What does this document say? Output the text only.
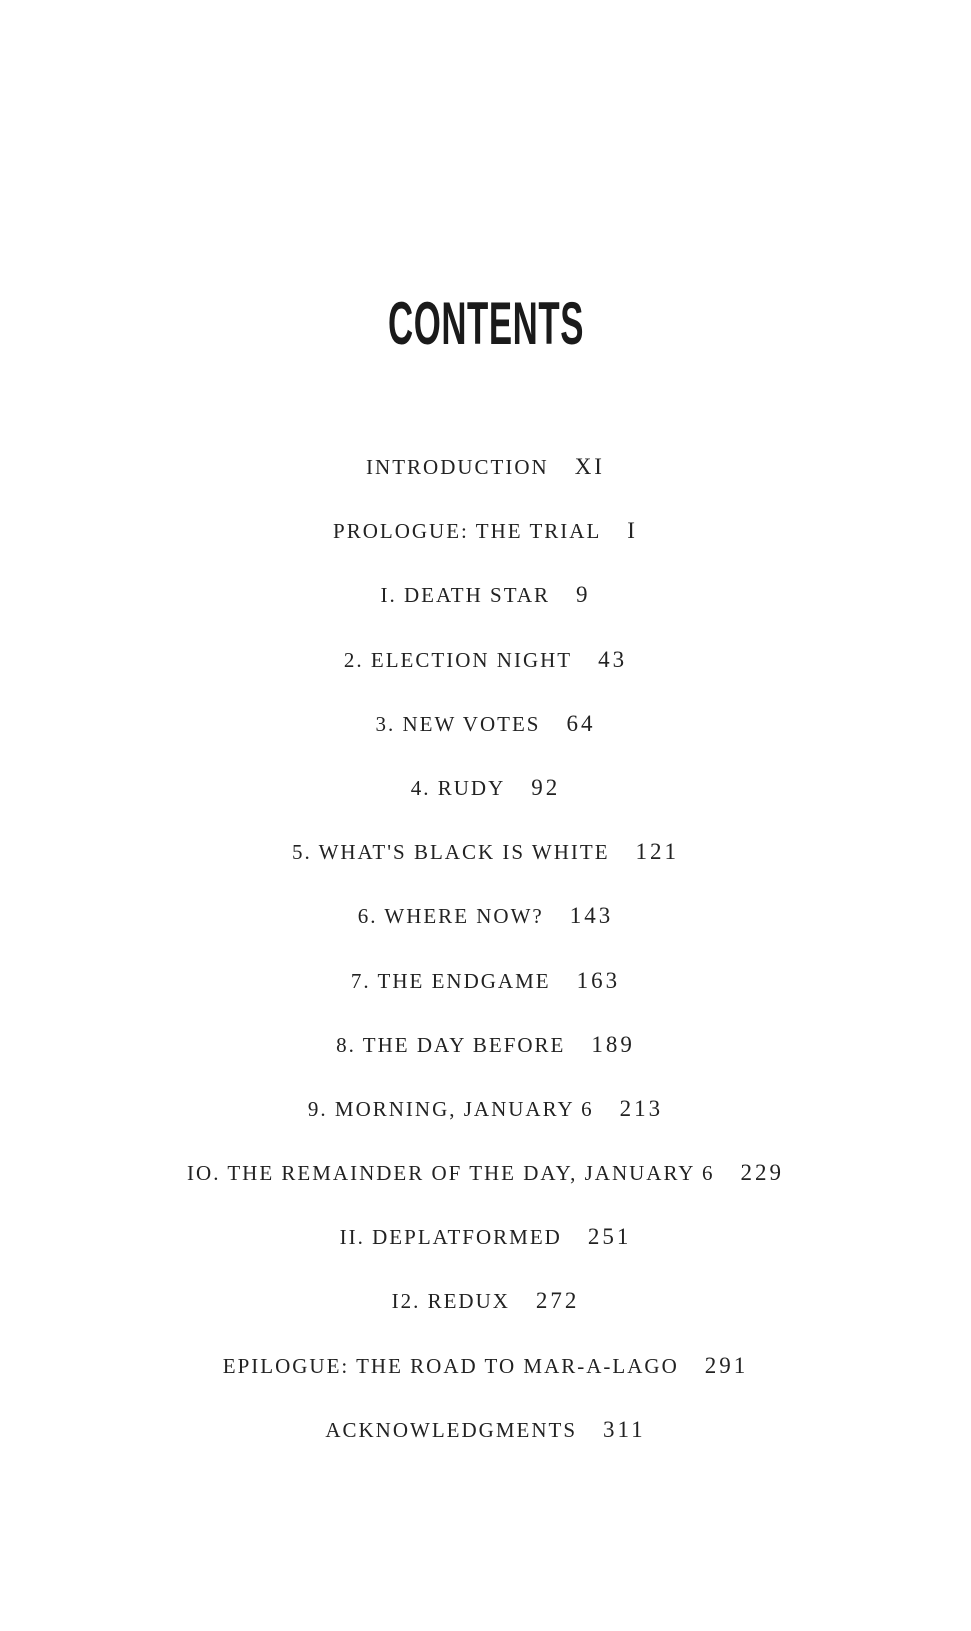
CONTENTS
INTRODUCTION XI
PROLOGUE: THE TRIAL I
I. DEATH STAR 9
2. ELECTION NIGHT 43
3. NEW VOTES 64
4. RUDY 92
5. WHAT'S BLACK IS WHITE 121
6. WHERE NOW? 143
7. THE ENDGAME 163
8. THE DAY BEFORE 189
9. MORNING, JANUARY 6 213
IO. THE REMAINDER OF THE DAY, JANUARY 6 229
II. DEPLATFORMED 251
I2. REDUX 272
EPILOGUE: THE ROAD TO MAR-A-LAGO 291
ACKNOWLEDGMENTS 311
